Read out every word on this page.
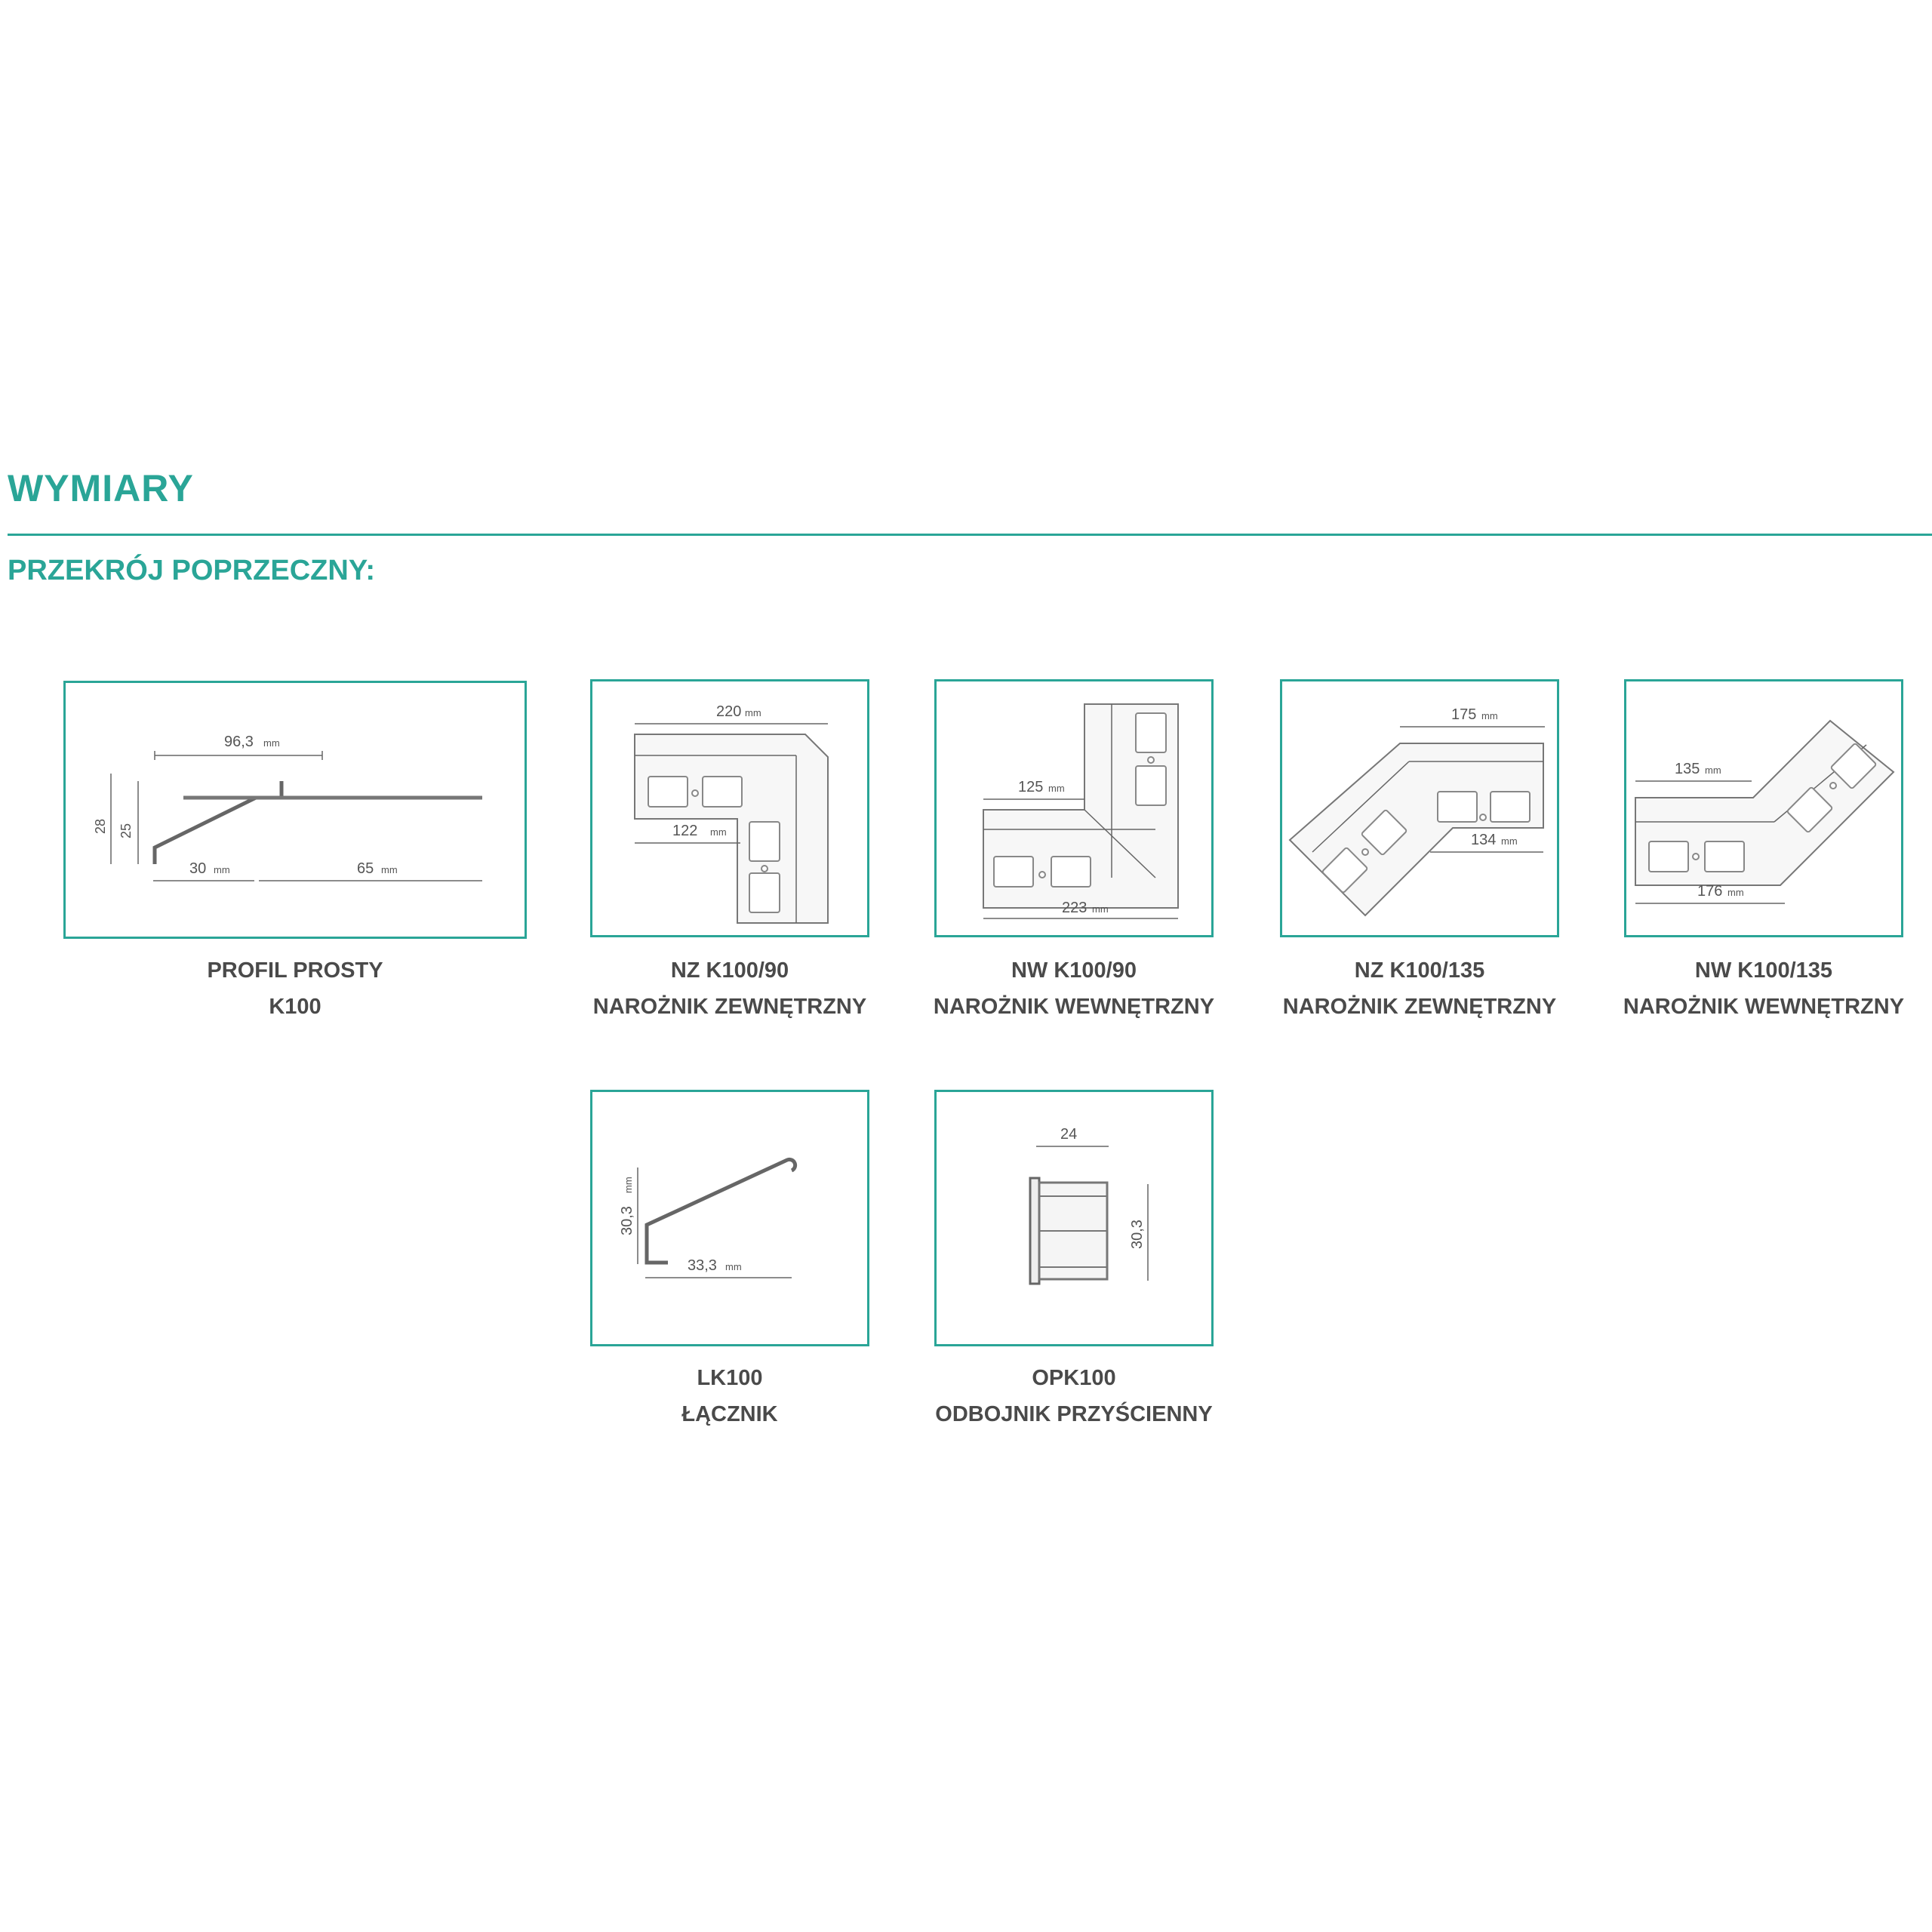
WYMIARY
PRZEKRÓJ POPRZECZNY:
96,3 mm
28 25
30 mm	65 mm
PROFIL PROSTY
K100
220 mm
122 mm
NZ K100/90
NAROŻNIK ZEWNĘTRZNY
125 mm
223 mm
NW K100/90
NAROŻNIK WEWNĘTRZNY
175 mm
134 mm
NZ K100/135
NAROŻNIK ZEWNĘTRZNY
135 mm
176 mm
NW K100/135
NAROŻNIK WEWNĘTRZNY
30,3
mm
33,3 mm
LK100
ŁĄCZNIK
24
30,3
OPK100
ODBOJNIK PRZYŚCIENNY
